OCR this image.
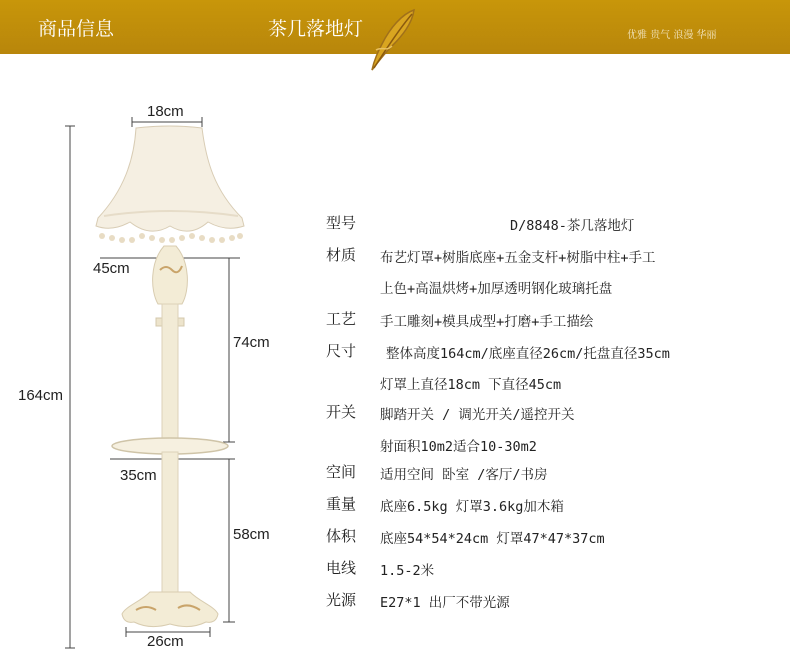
商品信息	茶几落地灯	优雅 贵气 浪漫 华丽
18cm
45cm
164cm
74cm
35cm
58cm
26cm
型号	D/8848-茶几落地灯
材质 布艺灯罩+树脂底座+五金支杆+树脂中柱+手工
上色+高温烘烤+加厚透明钢化玻璃托盘
工艺 手工雕刻+模具成型+打磨+手工描绘
尺寸 整体高度164cm/底座直径26cm/托盘直径35cm
灯罩上直径18cm 下直径45cm
开关 脚踏开关 / 调光开关/遥控开关
射面积10m2适合10-30m2
空间 适用空间 卧室 /客厅/书房
重量 底座6.5kg 灯罩3.6kg加木箱
体积 底座54*54*24cm 灯罩47*47*37cm
电线 1.5-2米
光源 E27*1 出厂不带光源
